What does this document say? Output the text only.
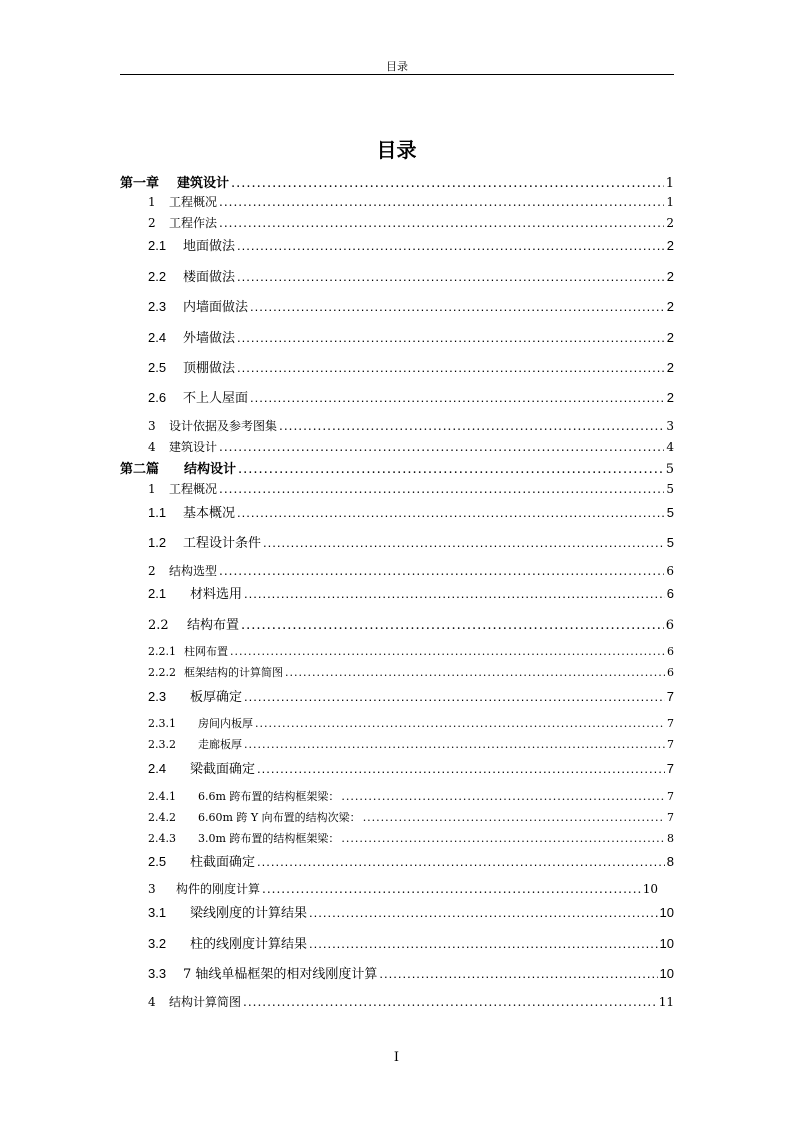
目录
目录
第一章	建筑设计 .....	1
1	工程概况 .....	1
2	工程作法 .....	2
2.1	地面做法 .....	2
2.2	楼面做法 .....	2
2.3	内墙面做法 .....	2
2.4	外墙做法 .....	2
2.5	顶棚做法 .....	2
2.6	不上人屋面 .....	2
3	设计依据及参考图集 .....	3
4	建筑设计 .....	4
第二篇	结构设计 .....	5
1	工程概况 .....	5
1.1	基本概况 .....	5
1.2	工程设计条件 .....	5
2	结构选型 .....	6
2.1	材料选用 .....	6
2.2	结构布置 .....	6
2.2.1 柱网布置 .....	6
2.2.2 框架结构的计算简图 .....	6
2.3	板厚确定 .....	7
2.3.1	房间内板厚 .....	7
2.3.2	走廊板厚 .....	7
2.4	梁截面确定 .....	7
2.4.1	6.6m 跨布置的结构框架梁： .....	7
2.4.2	6.60m 跨 Y 向布置的结构次梁： .....	7
2.4.3	3.0m 跨布置的结构框架梁： .....	8
2.5	柱截面确定 .....	8
3	构件的刚度计算 .....	10
3.1	梁线刚度的计算结果 .....	10
3.2	柱的线刚度计算结果 .....	10
3.3	7 轴线单榀框架的相对线刚度计算 .....	10
4	结构计算简图 .....	11
I
